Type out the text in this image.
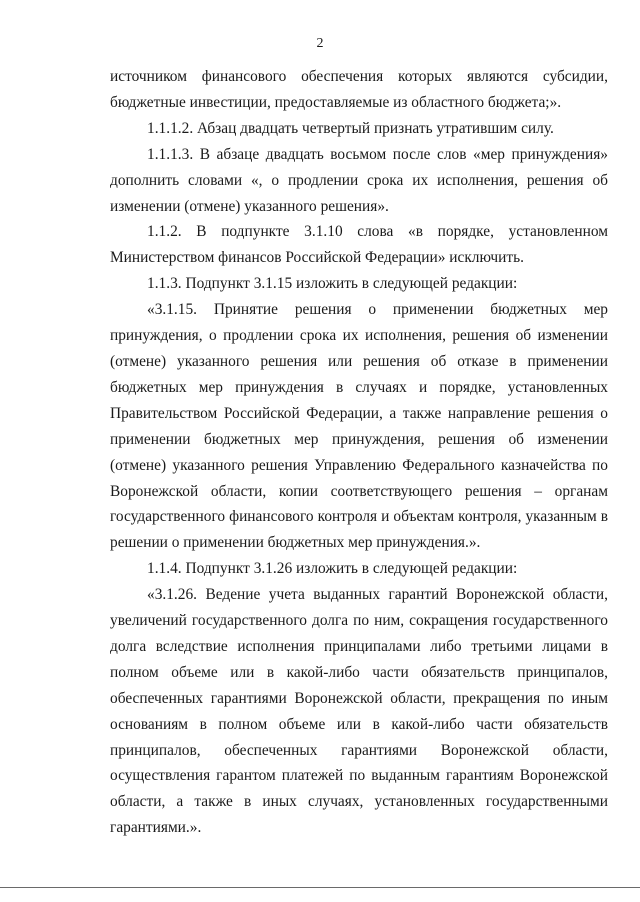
2

источником финансового обеспечения которых являются субсидии, бюджетные инвестиции, предоставляемые из областного бюджета;».

1.1.1.2. Абзац двадцать четвертый признать утратившим силу.

1.1.1.3. В абзаце двадцать восьмом после слов «мер принуждения» дополнить словами «, о продлении срока их исполнения, решения об изменении (отмене) указанного решения».

1.1.2. В подпункте 3.1.10 слова «в порядке, установленном Министерством финансов Российской Федерации» исключить.

1.1.3. Подпункт 3.1.15 изложить в следующей редакции:

«3.1.15. Принятие решения о применении бюджетных мер принуждения, о продлении срока их исполнения, решения об изменении (отмене) указанного решения или решения об отказе в применении бюджетных мер принуждения в случаях и порядке, установленных Правительством Российской Федерации, а также направление решения о применении бюджетных мер принуждения, решения об изменении (отмене) указанного решения Управлению Федерального казначейства по Воронежской области, копии соответствующего решения – органам государственного финансового контроля и объектам контроля, указанным в решении о применении бюджетных мер принуждения.».

1.1.4. Подпункт 3.1.26 изложить в следующей редакции:

«3.1.26. Ведение учета выданных гарантий Воронежской области, увеличений государственного долга по ним, сокращения государственного долга вследствие исполнения принципалами либо третьими лицами в полном объеме или в какой-либо части обязательств принципалов, обеспеченных гарантиями Воронежской области, прекращения по иным основаниям в полном объеме или в какой-либо части обязательств принципалов, обеспеченных гарантиями Воронежской области, осуществления гарантом платежей по выданным гарантиям Воронежской области, а также в иных случаях, установленных государственными гарантиями.».
